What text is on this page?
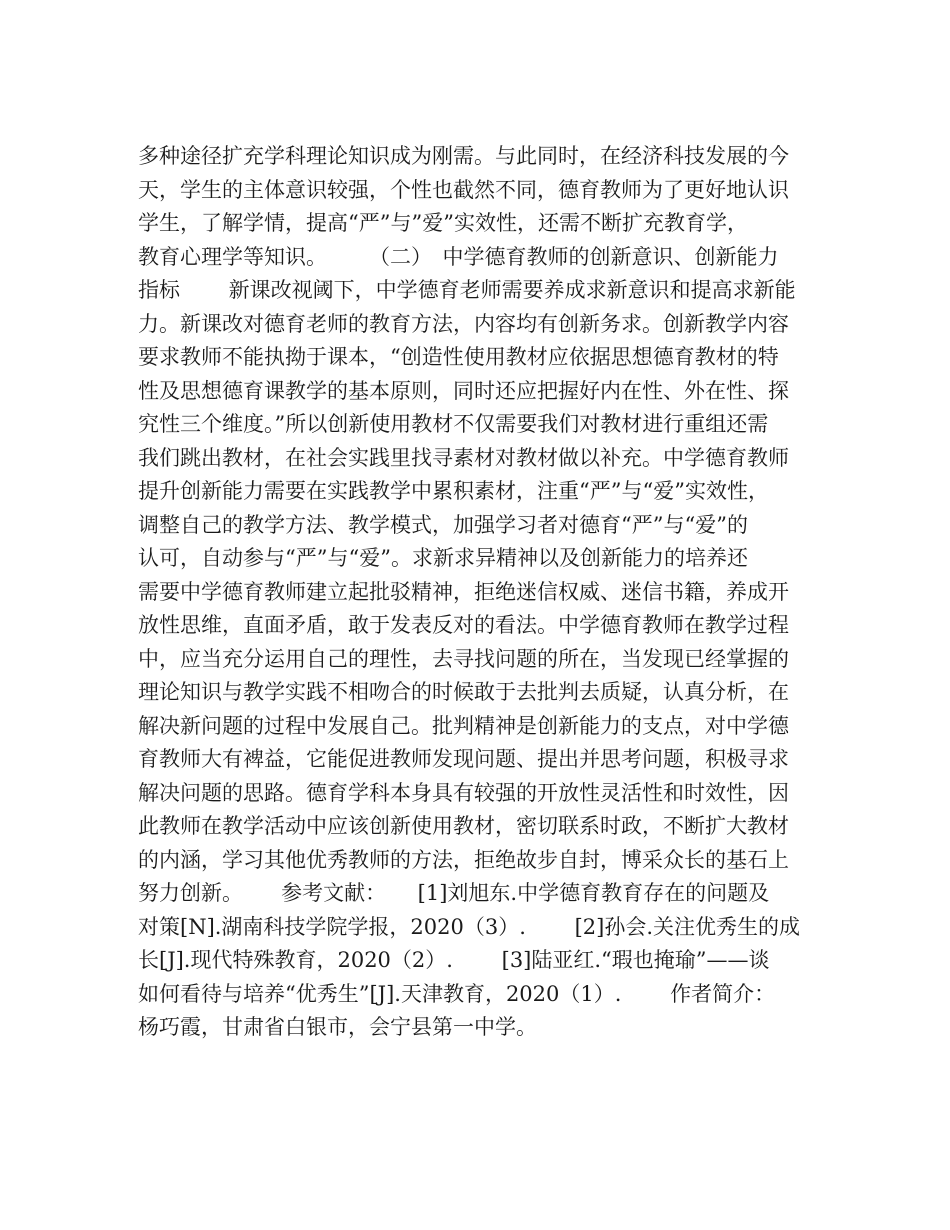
多种途径扩充学科理论知识成为刚需。与此同时，在经济科技发展的今
天，学生的主体意识较强，个性也截然不同，德育教师为了更好地认识
学生，了解学情，提高“严”与”爱”实效性，还需不断扩充教育学，
教育心理学等知识。　　　（二）　中学德育教师的创新意识、创新能力
指标　　 新课改视阈下，中学德育老师需要养成求新意识和提高求新能
力。新课改对德育老师的教育方法，内容均有创新务求。创新教学内容
要求教师不能执拗于课本，“创造性使用教材应依据思想德育教材的特
性及思想德育课教学的基本原则，同时还应把握好内在性、外在性、探
究性三个维度。”所以创新使用教材不仅需要我们对教材进行重组还需
我们跳出教材，在社会实践里找寻素材对教材做以补充。中学德育教师
提升创新能力需要在实践教学中累积素材，注重“严”与“爱”实效性，
调整自己的教学方法、教学模式，加强学习者对德育“严”与“爱”的
认可，自动参与“严”与“爱”。求新求异精神以及创新能力的培养还
需要中学德育教师建立起批驳精神，拒绝迷信权威、迷信书籍，养成开
放性思维，直面矛盾，敢于发表反对的看法。中学德育教师在教学过程
中，应当充分运用自己的理性，去寻找问题的所在，当发现已经掌握的
理论知识与教学实践不相吻合的时候敢于去批判去质疑，认真分析，在
解决新问题的过程中发展自己。批判精神是创新能力的支点，对中学德
育教师大有裨益，它能促进教师发现问题、提出并思考问题，积极寻求
解决问题的思路。德育学科本身具有较强的开放性灵活性和时效性，因
此教师在教学活动中应该创新使用教材，密切联系时政，不断扩大教材
的内涵，学习其他优秀教师的方法，拒绝故步自封，博采众长的基石上
努力创新。　　 参考文献：　　[1]刘旭东.中学德育教育存在的问题及
对策[N].湖南科技学院学报，2020（3）.　　 [2]孙会.关注优秀生的成
长[J].现代特殊教育，2020（2）.　　 [3]陆亚红.“瑕也掩瑜”——谈
如何看待与培养“优秀生”[J].天津教育，2020（1）.　　 作者简介：
杨巧霞，甘肃省白银市，会宁县第一中学。
